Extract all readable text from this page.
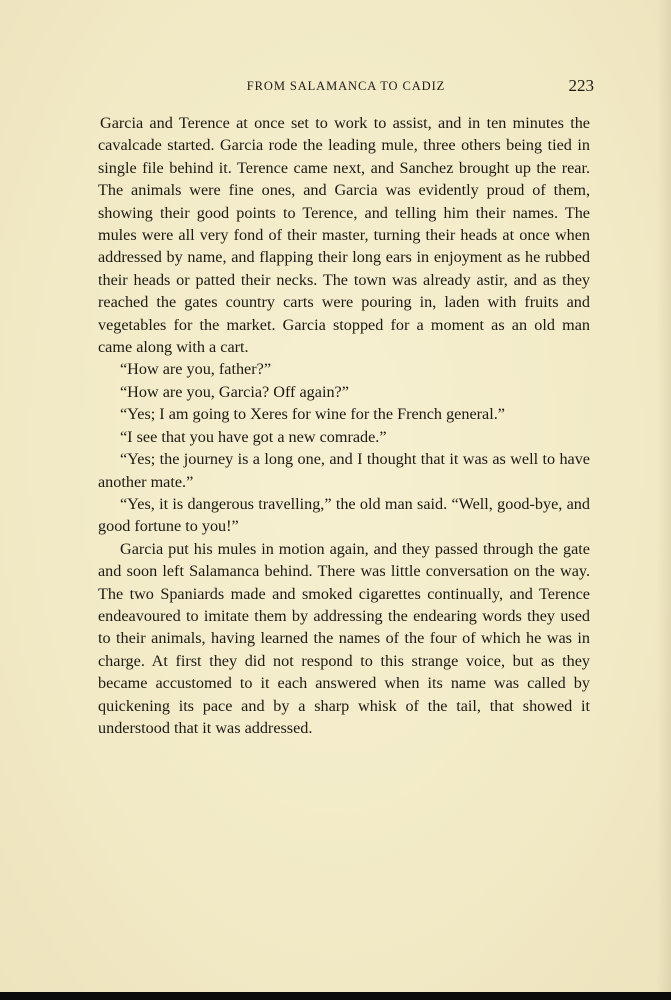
FROM SALAMANCA TO CADIZ	223

Garcia and Terence at once set to work to assist, and in ten minutes the cavalcade started. Garcia rode the leading mule, three others being tied in single file behind it. Terence came next, and Sanchez brought up the rear. The animals were fine ones, and Garcia was evidently proud of them, showing their good points to Terence, and telling him their names. The mules were all very fond of their master, turning their heads at once when addressed by name, and flapping their long ears in enjoyment as he rubbed their heads or patted their necks. The town was already astir, and as they reached the gates country carts were pouring in, laden with fruits and vegetables for the market. Garcia stopped for a moment as an old man came along with a cart.

“How are you, father?”

“How are you, Garcia? Off again?”

“Yes; I am going to Xeres for wine for the French general.”

“I see that you have got a new comrade.”

“Yes; the journey is a long one, and I thought that it was as well to have another mate.”

“Yes, it is dangerous travelling,” the old man said. “Well, good-bye, and good fortune to you!”

Garcia put his mules in motion again, and they passed through the gate and soon left Salamanca behind. There was little conversation on the way. The two Spaniards made and smoked cigarettes continually, and Terence endeavoured to imitate them by addressing the endearing words they used to their animals, having learned the names of the four of which he was in charge. At first they did not respond to this strange voice, but as they became accustomed to it each answered when its name was called by quickening its pace and by a sharp whisk of the tail, that showed it understood that it was addressed.
